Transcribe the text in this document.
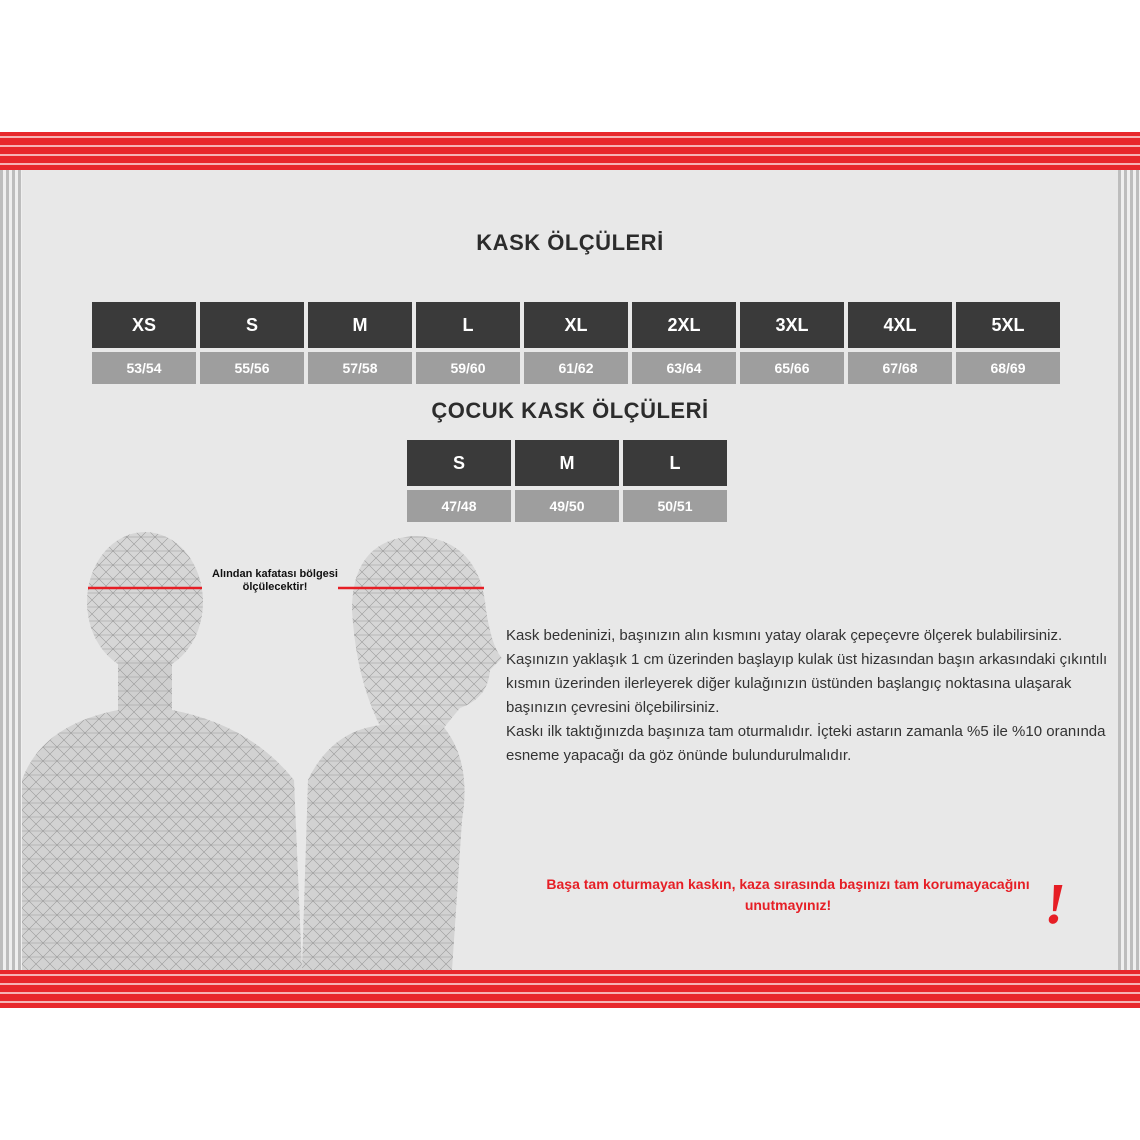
KASK ÖLÇÜLERİ
XS	S	M	L	XL	2XL	3XL	4XL	5XL
53/54	55/56	57/58	59/60	61/62	63/64	65/66	67/68	68/69
ÇOCUK KASK ÖLÇÜLERİ
S	M	L
47/48	49/50	50/51
Alından kafatası bölgesi ölçülecektir!

Kask bedeninizi, başınızın alın kısmını yatay olarak çepeçevre ölçerek bulabilirsiniz. Kaşınızın yaklaşık 1 cm üzerinden başlayıp kulak üst hizasından başın arkasındaki çıkıntılı kısmın üzerinden ilerleyerek diğer kulağınızın üstünden başlangıç noktasına ulaşarak başınızın çevresini ölçebilirsiniz.

Kaskı ilk taktığınızda başınıza tam oturmalıdır. İçteki astarın zamanla %5 ile %10 oranında esneme yapacağı da göz önünde bulundurulmalıdır.

Başa tam oturmayan kaskın, kaza sırasında başınızı tam korumayacağını unutmayınız!	!
